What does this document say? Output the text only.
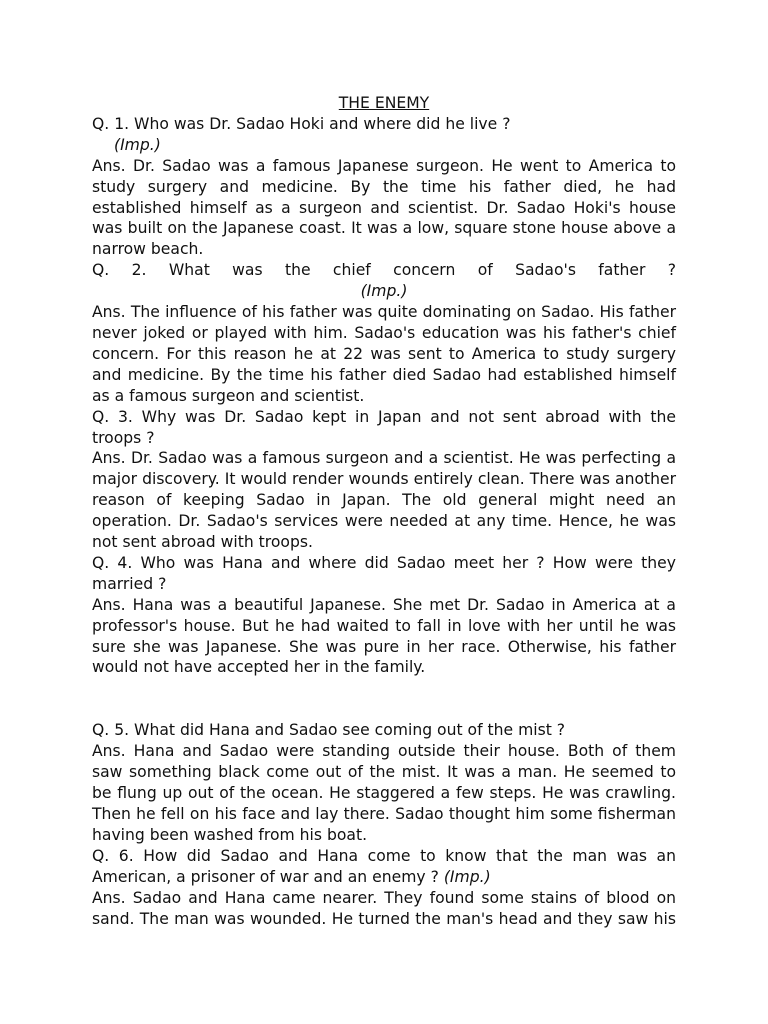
THE ENEMY

Q. 1. Who was Dr. Sadao Hoki and where did he live ?

(Imp.)

Ans. Dr. Sadao was a famous Japanese surgeon. He went to America to study surgery and medicine. By the time his father died, he had established himself as a surgeon and scientist. Dr. Sadao Hoki's house was built on the Japanese coast. It was a low, square stone house above a narrow beach.

Q. 2. What was the chief concern of Sadao's father ?

(Imp.)

Ans. The influence of his father was quite dominating on Sadao. His father never joked or played with him. Sadao's education was his father's chief concern. For this reason he at 22 was sent to America to study surgery and medicine. By the time his father died Sadao had established himself as a famous surgeon and scientist.

Q. 3. Why was Dr. Sadao kept in Japan and not sent abroad with the troops ?

Ans. Dr. Sadao was a famous surgeon and a scientist. He was perfecting a major discovery. It would render wounds entirely clean. There was another reason of keeping Sadao in Japan. The old general might need an operation. Dr. Sadao's services were needed at any time. Hence, he was not sent abroad with troops.

Q. 4. Who was Hana and where did Sadao meet her ? How were they married ?

Ans. Hana was a beautiful Japanese. She met Dr. Sadao in America at a professor's house. But he had waited to fall in love with her until he was sure she was Japanese. She was pure in her race. Otherwise, his father would not have accepted her in the family.

Q. 5. What did Hana and Sadao see coming out of the mist ?

Ans. Hana and Sadao were standing outside their house. Both of them saw something black come out of the mist. It was a man. He seemed to be flung up out of the ocean. He staggered a few steps. He was crawling. Then he fell on his face and lay there. Sadao thought him some fisherman having been washed from his boat.

Q. 6. How did Sadao and Hana come to know that the man was an American, a prisoner of war and an enemy ? (Imp.)

Ans. Sadao and Hana came nearer. They found some stains of blood on sand. The man was wounded. He turned the man's head and they saw his
